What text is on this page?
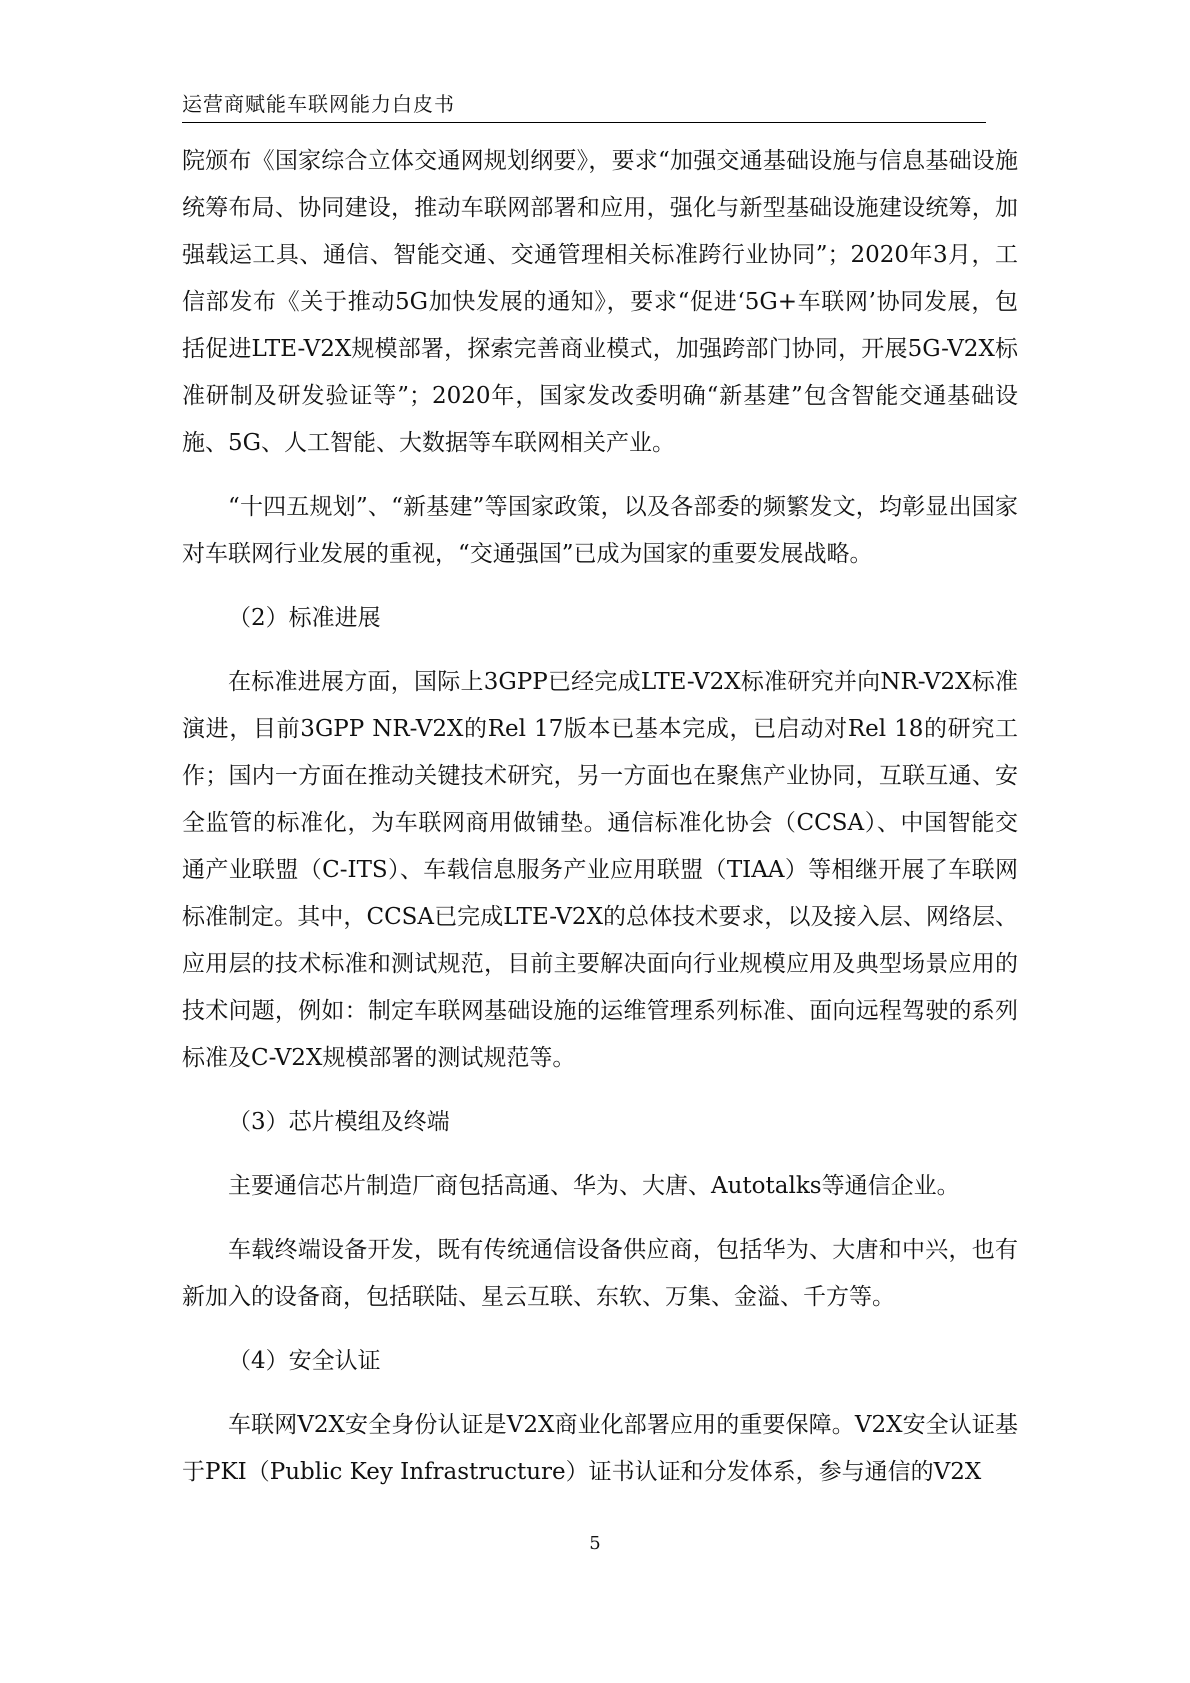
运营商赋能车联网能力白皮书

院颁布《国家综合立体交通网规划纲要》，要求“加强交通基础设施与信息基础设施统筹布局、协同建设，推动车联网部署和应用，强化与新型基础设施建设统筹，加强载运工具、通信、智能交通、交通管理相关标准跨行业协同”；2020年3月，工信部发布《关于推动5G加快发展的通知》，要求“促进‘5G+车联网’协同发展，包括促进LTE-V2X规模部署，探索完善商业模式，加强跨部门协同，开展5G-V2X标准研制及研发验证等”；2020年，国家发改委明确“新基建”包含智能交通基础设施、5G、人工智能、大数据等车联网相关产业。

“十四五规划”、“新基建”等国家政策，以及各部委的频繁发文，均彰显出国家对车联网行业发展的重视，“交通强国”已成为国家的重要发展战略。

（2）标准进展

在标准进展方面，国际上3GPP已经完成LTE-V2X标准研究并向NR-V2X标准演进，目前3GPP NR-V2X的Rel 17版本已基本完成，已启动对Rel 18的研究工作；国内一方面在推动关键技术研究，另一方面也在聚焦产业协同，互联互通、安全监管的标准化，为车联网商用做铺垫。通信标准化协会（CCSA）、中国智能交通产业联盟（C-ITS）、车载信息服务产业应用联盟（TIAA）等相继开展了车联网标准制定。其中，CCSA已完成LTE-V2X的总体技术要求，以及接入层、网络层、应用层的技术标准和测试规范，目前主要解决面向行业规模应用及典型场景应用的技术问题，例如：制定车联网基础设施的运维管理系列标准、面向远程驾驶的系列标准及C-V2X规模部署的测试规范等。

（3）芯片模组及终端

主要通信芯片制造厂商包括高通、华为、大唐、Autotalks等通信企业。

车载终端设备开发，既有传统通信设备供应商，包括华为、大唐和中兴，也有新加入的设备商，包括联陆、星云互联、东软、万集、金溢、千方等。

（4）安全认证

车联网V2X安全身份认证是V2X商业化部署应用的重要保障。V2X安全认证基于PKI（Public Key Infrastructure）证书认证和分发体系，参与通信的V2X

5
